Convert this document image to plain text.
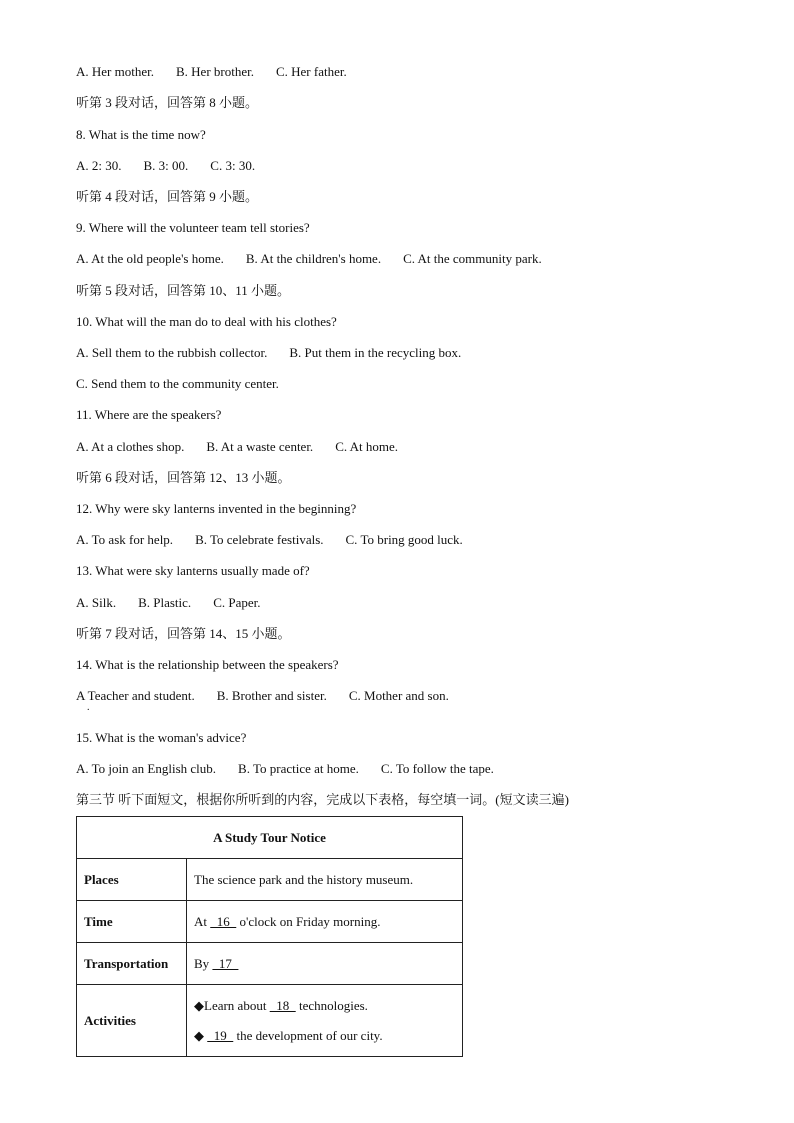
A. Her mother. B. Her brother. C. Her father.
听第 3 段对话，回答第 8 小题。
8. What is the time now?
A. 2: 30. B. 3: 00. C. 3: 30.
听第 4 段对话，回答第 9 小题。
9. Where will the volunteer team tell stories?
A. At the old people's home. B. At the children's home. C. At the community park.
听第 5 段对话，回答第 10、11 小题。
10. What will the man do to deal with his clothes?
A. Sell them to the rubbish collector. B. Put them in the recycling box.
C. Send them to the community center.
11. Where are the speakers?
A. At a clothes shop. B. At a waste center. C. At home.
听第 6 段对话，回答第 12、13 小题。
12. Why were sky lanterns invented in the beginning?
A. To ask for help. B. To celebrate festivals. C. To bring good luck.
13. What were sky lanterns usually made of?
A. Silk. B. Plastic. C. Paper.
听第 7 段对话，回答第 14、15 小题。
14. What is the relationship between the speakers?
A Teacher and student. B. Brother and sister. C. Mother and son.
.
15. What is the woman's advice?
A. To join an English club. B. To practice at home. C. To follow the tape.
第三节 听下面短文，根据你所听到的内容，完成以下表格，每空填一词。(短文读三遍)
A Study Tour Notice	
Places	The science park and the history museum.
Time	At   16   o'clock on Friday morning.
Transportation	By   17
Activities	◆Learn about   18   technologies.
◆   19   the development of our city.
